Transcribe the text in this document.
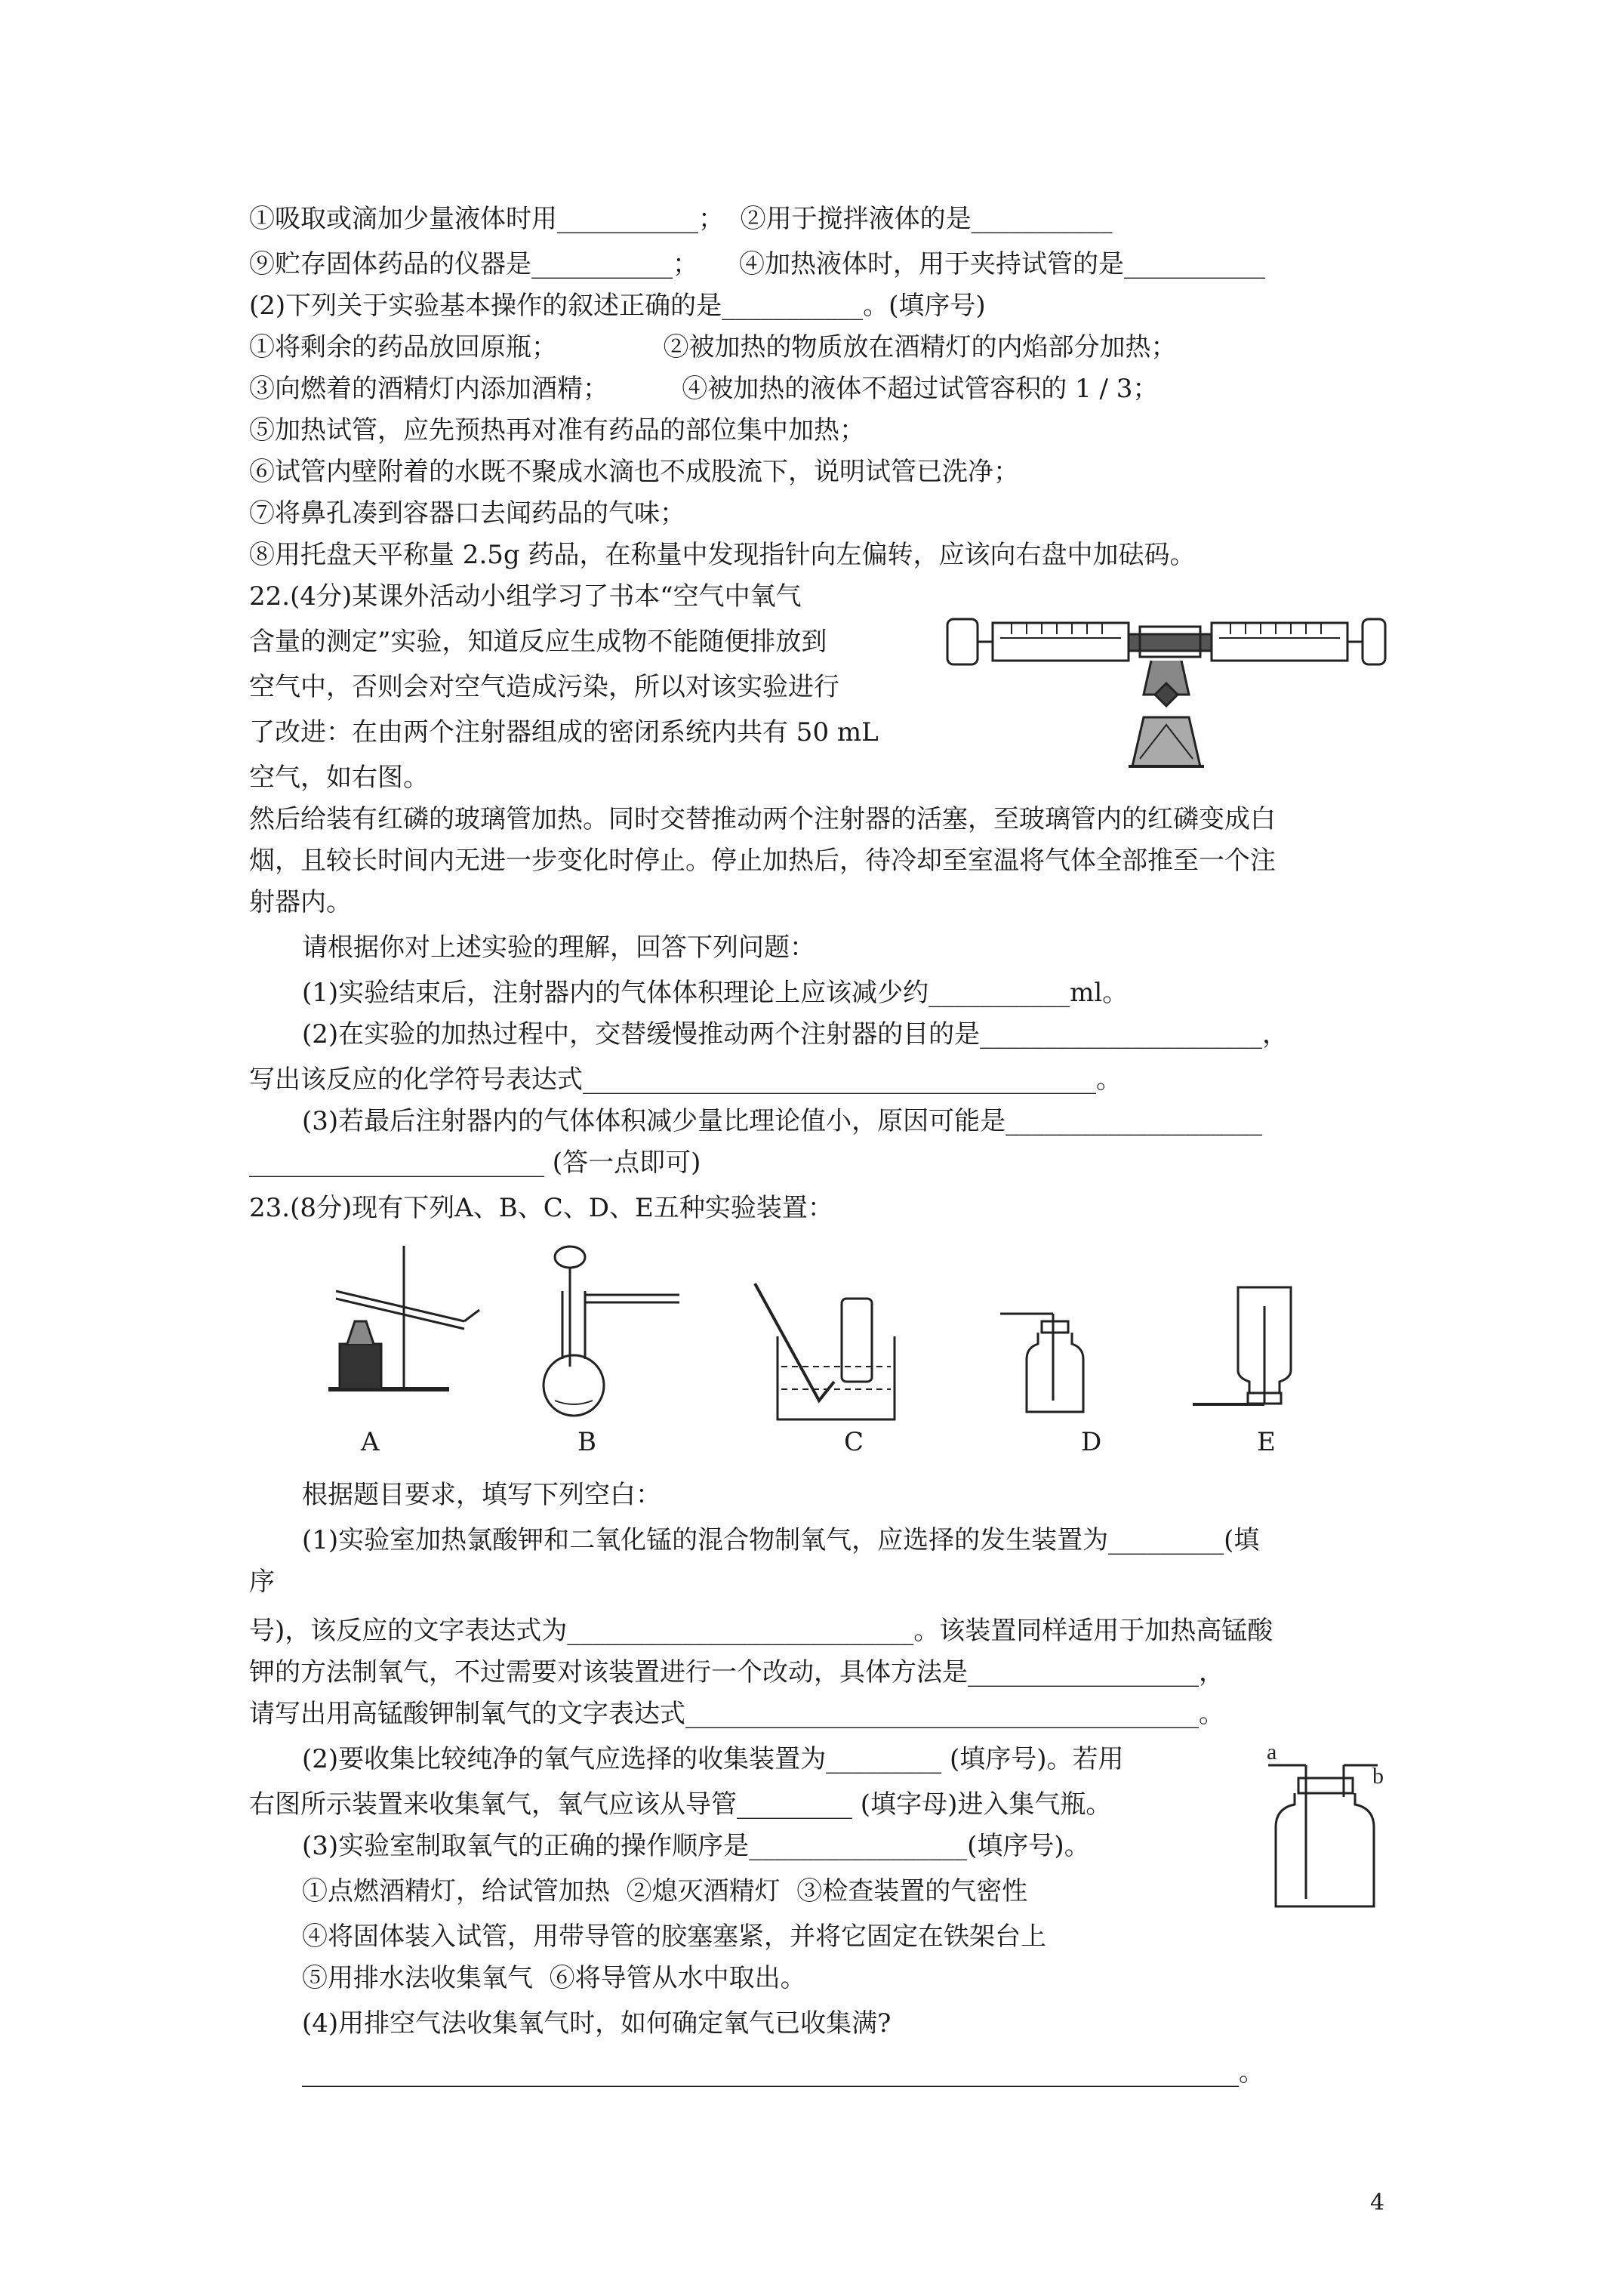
①吸取或滴加少量液体时用___________；  ②用于搅拌液体的是___________
⑨贮存固体药品的仪器是___________；     ④加热液体时，用于夹持试管的是___________
(2)下列关于实验基本操作的叙述正确的是___________。(填序号)
①将剩余的药品放回原瓶；             ②被加热的物质放在酒精灯的内焰部分加热；
③向燃着的酒精灯内添加酒精；         ④被加热的液体不超过试管容积的 1 / 3；
⑤加热试管，应先预热再对准有药品的部位集中加热；
⑥试管内壁附着的水既不聚成水滴也不成股流下，说明试管已洗净；
⑦将鼻孔凑到容器口去闻药品的气味；
⑧用托盘天平称量 2.5g 药品，在称量中发现指针向左偏转，应该向右盘中加砝码。
22.(4分)某课外活动小组学习了书本“空气中氧气
含量的测定”实验，知道反应生成物不能随便排放到
空气中，否则会对空气造成污染，所以对该实验进行
了改进：在由两个注射器组成的密闭系统内共有 50 mL
空气，如右图。
然后给装有红磷的玻璃管加热。同时交替推动两个注射器的活塞，至玻璃管内的红磷变成白
烟，且较长时间内无进一步变化时停止。停止加热后，待冷却至室温将气体全部推至一个注
射器内。
请根据你对上述实验的理解，回答下列问题：
(1)实验结束后，注射器内的气体体积理论上应该减少约___________ml。
(2)在实验的加热过程中，交替缓慢推动两个注射器的目的是______________________，
写出该反应的化学符号表达式________________________________________。
(3)若最后注射器内的气体体积减少量比理论值小，原因可能是____________________
_______________________ (答一点即可)
23.(8分)现有下列A、B、C、D、E五种实验装置：
A	B	C	D	E
根据题目要求，填写下列空白：
(1)实验室加热氯酸钾和二氧化锰的混合物制氧气，应选择的发生装置为_________(填
序
号)，该反应的文字表达式为___________________________。该装置同样适用于加热高锰酸
钾的方法制氧气，不过需要对该装置进行一个改动，具体方法是__________________，
请写出用高锰酸钾制氧气的文字表达式________________________________________。
(2)要收集比较纯净的氧气应选择的收集装置为_________ (填序号)。若用
右图所示装置来收集氧气，氧气应该从导管_________ (填字母)进入集气瓶。
(3)实验室制取氧气的正确的操作顺序是_________________(填序号)。
①点燃酒精灯，给试管加热  ②熄灭酒精灯  ③检查装置的气密性
④将固体装入试管，用带导管的胶塞塞紧，并将它固定在铁架台上
⑤用排水法收集氧气  ⑥将导管从水中取出。
(4)用排空气法收集氧气时，如何确定氧气已收集满?
_________________________________________________________________________。
a
b
4
